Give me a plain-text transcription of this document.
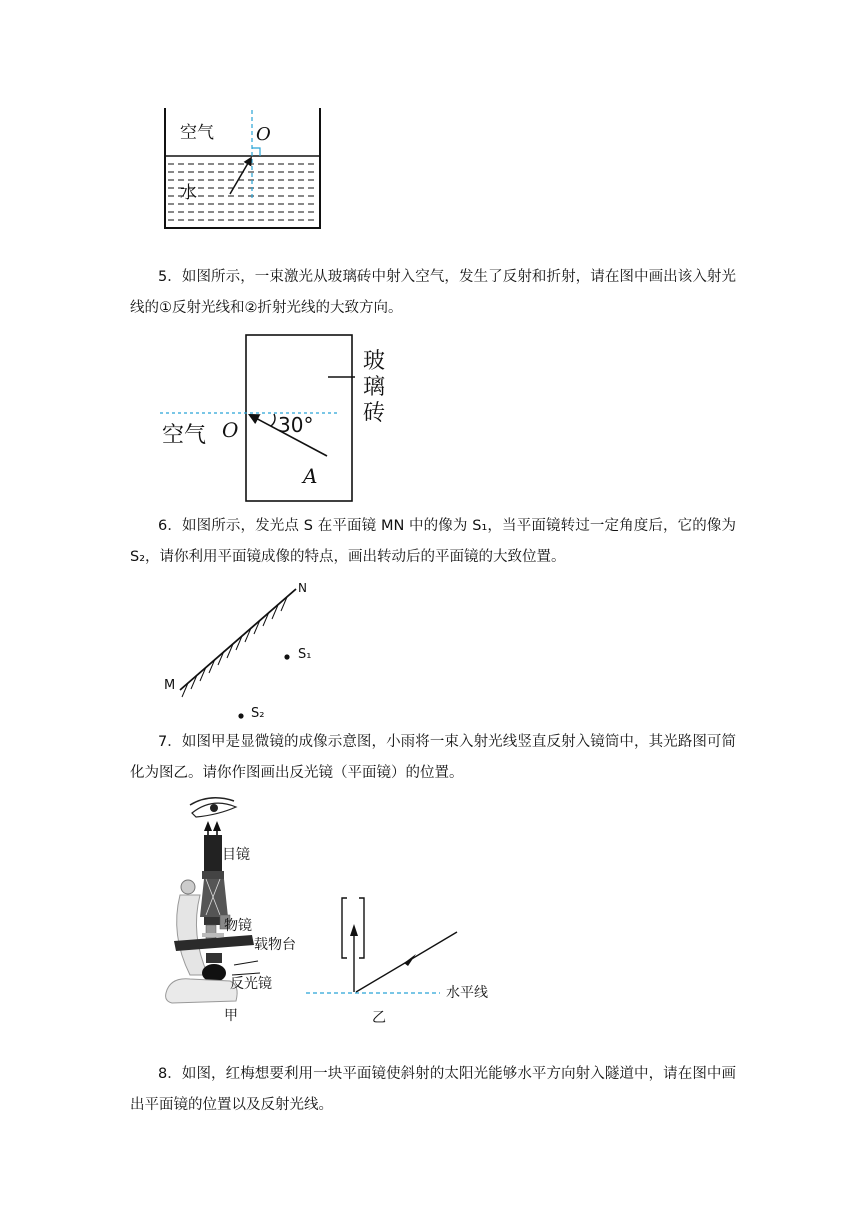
空气 O
水
5．如图所示，一束激光从玻璃砖中射入空气，发生了反射和折射，请在图中画出该入射光线的①反射光线和②折射光线的大致方向。
玻
璃
砖
O 30°
空气
A
6．如图所示，发光点 S 在平面镜 MN 中的像为 S₁，当平面镜转过一定角度后，它的像为 S₂，请你利用平面镜成像的特点，画出转动后的平面镜的大致位置。
N
M
S₁
S₂
7．如图甲是显微镜的成像示意图，小雨将一束入射光线竖直反射入镜筒中，其光路图可简化为图乙。请你作图画出反光镜（平面镜）的位置。
目镜
物镜
载物台
反光镜
甲
水平线
乙
8．如图，红梅想要利用一块平面镜使斜射的太阳光能够水平方向射入隧道中，请在图中画出平面镜的位置以及反射光线。
